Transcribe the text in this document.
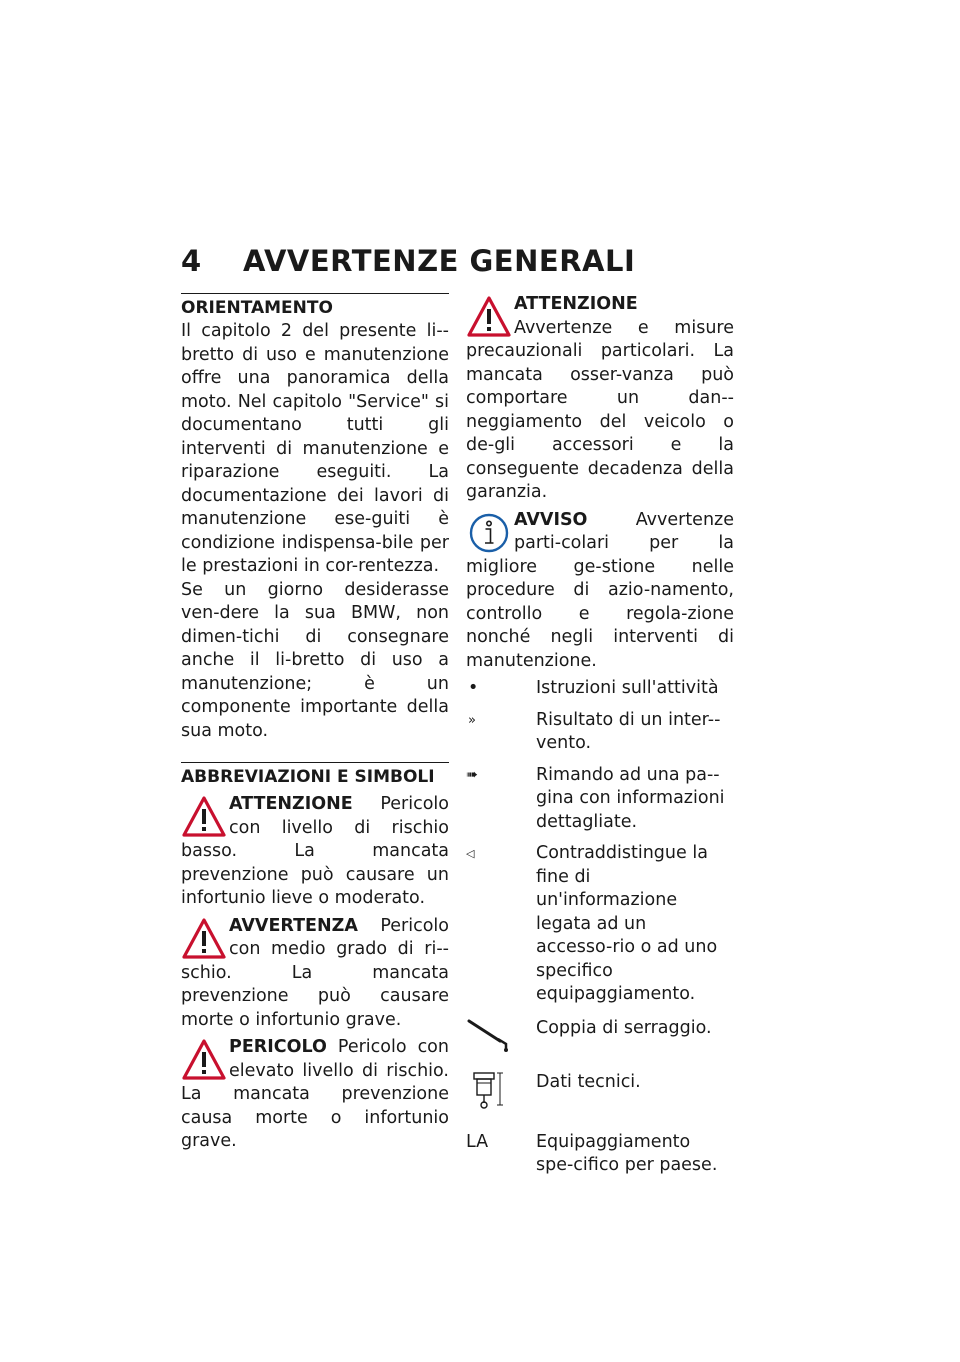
4 AVVERTENZE GENERALI
ORIENTAMENTO

Il capitolo 2 del presente li-bretto di uso e manutenzione offre una panoramica della moto. Nel capitolo "Service" si documentano tutti gli interventi di manutenzione e riparazione eseguiti. La documentazione dei lavori di manutenzione ese-guiti è condizione indispensa-bile per le prestazioni in cor-rentezza.

Se un giorno desiderasse ven-dere la sua BMW, non dimen-tichi di consegnare anche il li-bretto di uso a manutenzione; è un componente importante della sua moto.

ABBREVIAZIONI E SIMBOLI
ATTENZIONE Pericolo con livello di rischio basso. La mancata prevenzione può causare un infortunio lieve o moderato.
AVVERTENZA Pericolo con medio grado di ri-schio. La mancata prevenzione può causare morte o infortunio grave.
PERICOLO Pericolo con elevato livello di rischio. La mancata prevenzione causa morte o infortunio grave.
ATTENZIONE Avvertenze e misure precauzionali particolari. La mancata osser-vanza può comportare un dan-neggiamento del veicolo o de-gli accessori e la conseguente decadenza della garanzia.
AVVISO	Avvertenze parti-colari per la migliore ge-stione nelle procedure di azio-namento, controllo e regola-zione nonché negli interventi di manutenzione.
•	Istruzioni sull'attività
»	Risultato di un inter-vento.
➠	Rimando ad una pa-gina con informazioni dettagliate.
◁	Contraddistingue la fine di un'informazione legata ad un accesso-rio o ad uno specifico equipaggiamento.
Coppia di serraggio.
Dati tecnici.
LA	Equipaggiamento spe-cifico per paese.
